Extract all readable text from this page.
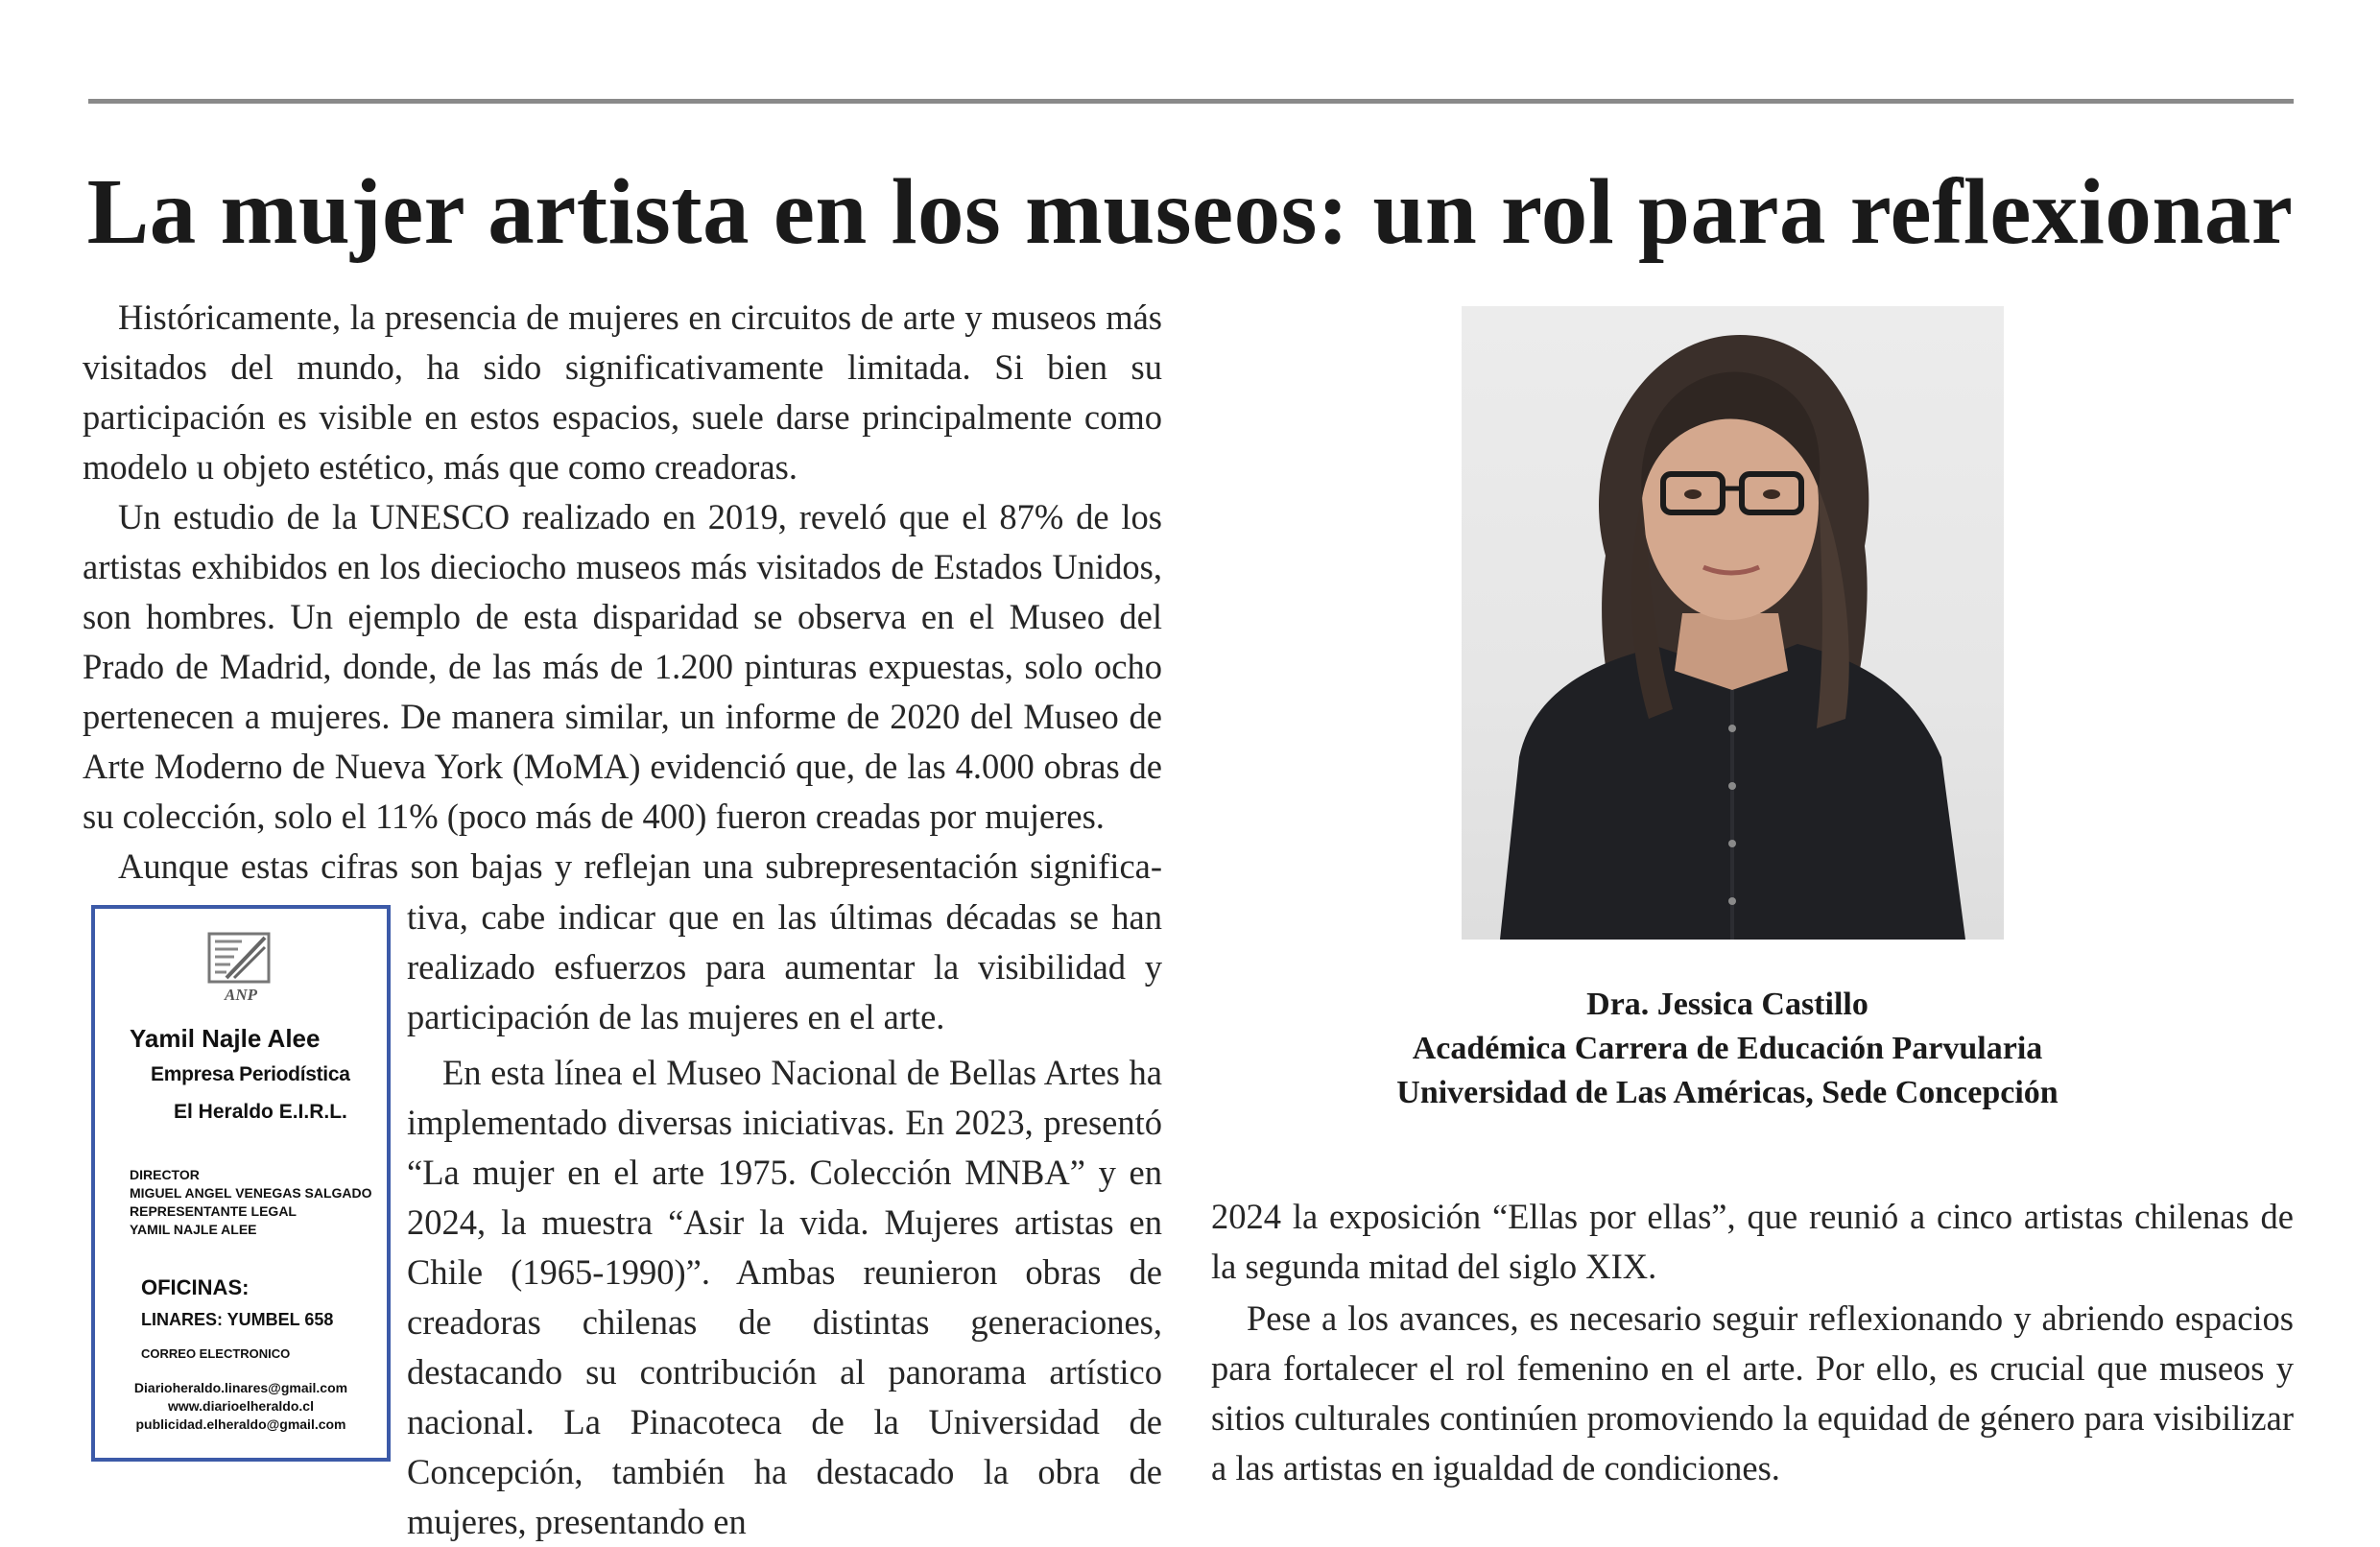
La mujer artista en los museos: un rol para reflexionar

Históricamente, la presencia de mujeres en circuitos de arte y museos más visitados del mundo, ha sido significativamente limitada. Si bien su participación es visible en estos espacios, suele darse principalmente como modelo u objeto estético, más que como creadoras.

Un estudio de la UNESCO realizado en 2019, reveló que el 87% de los artistas exhibidos en los dieciocho museos más visitados de Estados Unidos, son hombres. Un ejemplo de esta disparidad se observa en el Museo del Prado de Madrid, donde, de las más de 1.200 pinturas expuestas, solo ocho pertenecen a mujeres. De manera similar, un informe de 2020 del Museo de Arte Moderno de Nueva York (MoMA) evidenció que, de las 4.000 obras de su colección, solo el 11% (poco más de 400) fueron creadas por mujeres.

Aunque estas cifras son bajas y reflejan una subrepresentación significa-

ANP
Yamil Najle Alee
Empresa Periodística
El Heraldo E.I.R.L.
DIRECTOR
MIGUEL ANGEL VENEGAS SALGADO
REPRESENTANTE LEGAL
YAMIL NAJLE ALEE
OFICINAS:
LINARES: YUMBEL 658
CORREO ELECTRONICO
Diarioheraldo.linares@gmail.com
www.diarioelheraldo.cl
publicidad.elheraldo@gmail.com

tiva, cabe indicar que en las últimas décadas se han realizado esfuerzos para aumentar la visibilidad y participación de las mujeres en el arte.

En esta línea el Museo Nacional de Bellas Artes ha implementado diversas iniciativas. En 2023, presentó “La mujer en el arte 1975. Colección MNBA” y en 2024, la muestra “Asir la vida. Mujeres artistas en Chile (1965-1990)”. Ambas reunieron obras de creadoras chilenas de distintas generaciones, destacando su contribución al panorama artístico nacional. La Pinacoteca de la Universidad de Concepción, también ha destacado la obra de mujeres, presentando en

Dra. Jessica Castillo
Académica Carrera de Educación Parvularia
Universidad de Las Américas, Sede Concepción

2024 la exposición “Ellas por ellas”, que reunió a cinco artistas chilenas de la segunda mitad del siglo XIX.

Pese a los avances, es necesario seguir reflexionando y abriendo espacios para fortalecer el rol femenino en el arte. Por ello, es crucial que museos y sitios culturales continúen promoviendo la equidad de género para visibilizar a las artistas en igualdad de condiciones.
